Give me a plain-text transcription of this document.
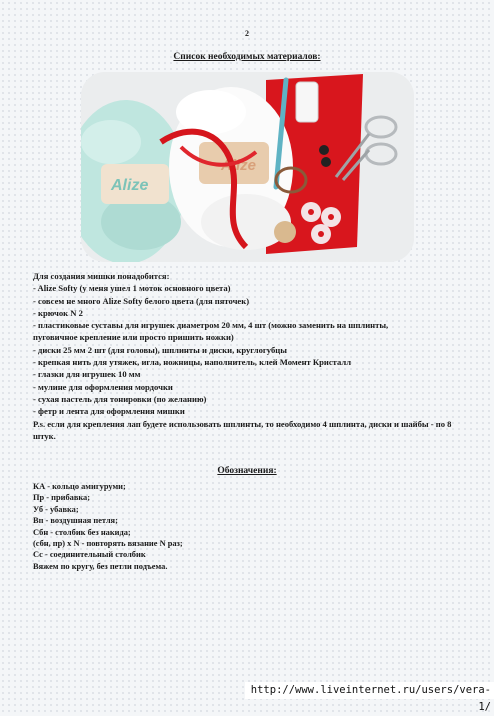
2
Список необходимых материалов:
Alize
Alize
Для создания мишки понадобится:
- Alize Softy (у меня ушел 1 моток основного цвета)
- совсем не много Alize Softy белого цвета (для пяточек)
- крючок N 2
- пластиковые суставы для игрушек диаметром 20 мм, 4 шт (можно заменить на шплинты,
пуговичное крепление или просто пришить ножки)
- диски 25 мм 2 шт (для головы), шплинты и диски, круглогубцы
- крепкая нить для утяжек, игла, ножницы, наполнитель, клей Момент Кристалл
- глазки для игрушек 10 мм
- мулине для оформления мордочки
- сухая пастель для тонировки (по желанию)
- фетр и лента для оформления мишки
P.s. если для крепления лап будете использовать шплинты, то необходимо 4 шплинта, диски и шайбы - по 8 штук.
Обозначения:
КА - кольцо амигуруми;
Пр - прибавка;
Уб - убавка;
Вп - воздушная петля;
Сбн - столбик без накида;
(сбн, пр) х N - повторять вязание N раз;
Сс - соединительный столбик
Вяжем по кругу, без петли подъема.
http://www.liveinternet.ru/users/vera-1/
